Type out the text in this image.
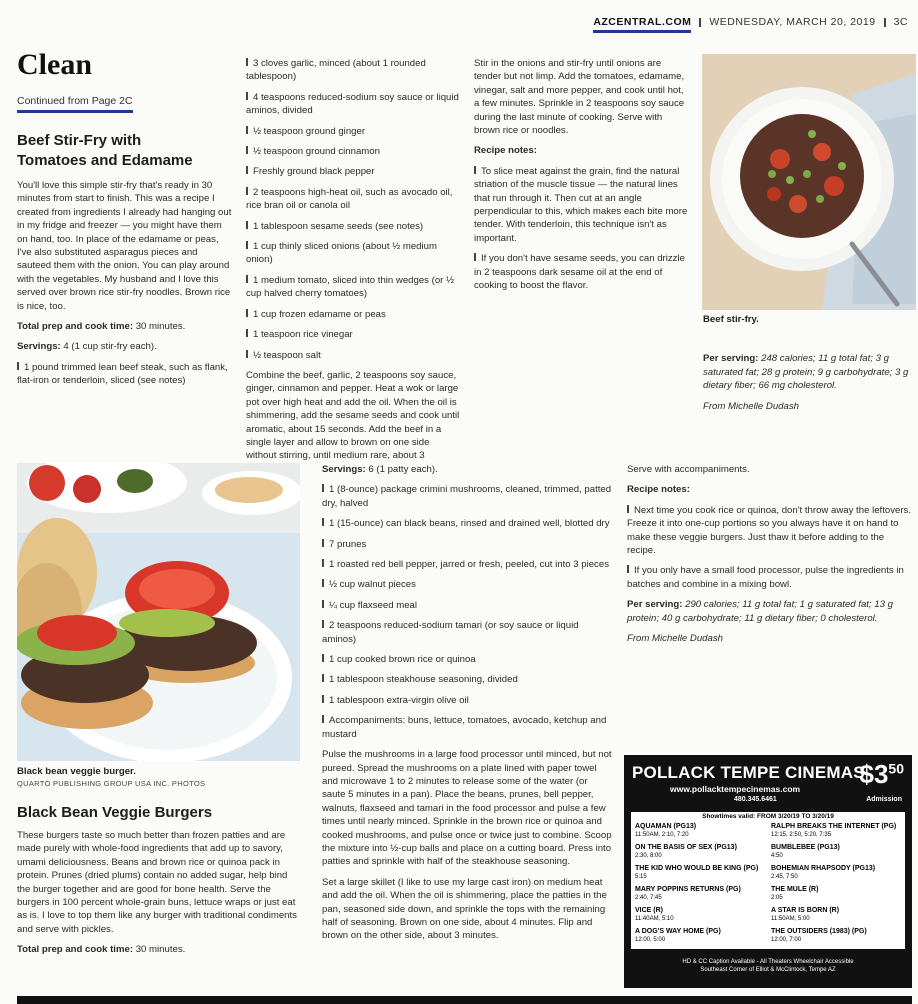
AZCENTRAL.COM WEDNESDAY, MARCH 20, 2019 3C
Clean
Continued from Page 2C
Beef Stir-Fry with
Tomatoes and Edamame

You'll love this simple stir-fry that's ready in 30 minutes from start to finish. This was a recipe I created from ingredients I already had hanging out in my fridge and freezer — you might have them on hand, too. In place of the edamame or peas, I've also substituted asparagus pieces and sauteed them with the onion. You can play around with the vegetables. My husband and I love this served over brown rice stir-fry noodles. Brown rice is nice, too.

Total prep and cook time: 30 minutes.

Servings: 4 (1 cup stir-fry each).

1 pound trimmed lean beef steak, such as flank, flat-iron or tenderloin, sliced (see notes)

3 cloves garlic, minced (about 1 rounded tablespoon)

4 teaspoons reduced-sodium soy sauce or liquid aminos, divided

½ teaspoon ground ginger

½ teaspoon ground cinnamon

Freshly ground black pepper

2 teaspoons high-heat oil, such as avocado oil, rice bran oil or canola oil

1 tablespoon sesame seeds (see notes)

1 cup thinly sliced onions (about ½ medium onion)

1 medium tomato, sliced into thin wedges (or ½ cup halved cherry tomatoes)

1 cup frozen edamame or peas

1 teaspoon rice vinegar

½ teaspoon salt

Combine the beef, garlic, 2 teaspoons soy sauce, ginger, cinnamon and pepper. Heat a wok or large pot over high heat and add the oil. When the oil is shimmering, add the sesame seeds and cook until aromatic, about 15 seconds. Add the beef in a single layer and allow to brown on one side without stirring, until medium rare, about 3

Stir in the onions and stir-fry until onions are tender but not limp. Add the tomatoes, edamame, vinegar, salt and more pepper, and cook until hot, a few minutes. Sprinkle in 2 teaspoons soy sauce during the last minute of cooking. Serve with brown rice or noodles.

Recipe notes:

To slice meat against the grain, find the natural striation of the muscle tissue — the natural lines that run through it. Then cut at an angle perpendicular to this, which makes each bite more tender. With tenderloin, this technique isn't as important.

If you don't have sesame seeds, you can drizzle in 2 teaspoons dark sesame oil at the end of cooking to boost the flavor.

Beef stir-fry.

Per serving: 248 calories; 11 g total fat; 3 g saturated fat; 28 g protein; 9 g carbohydrate; 3 g dietary fiber; 66 mg cholesterol.

From Michelle Dudash

Black bean veggie burger.
QUARTO PUBLISHING GROUP USA INC. PHOTOS
Black Bean Veggie Burgers

These burgers taste so much better than frozen patties and are made purely with whole-food ingredients that add up to savory, umami deliciousness. Beans and brown rice or quinoa pack in protein. Prunes (dried plums) contain no added sugar, help bind the burger together and are good for bone health. Serve the burgers in 100 percent whole-grain buns, lettuce wraps or just eat as is. I love to top them like any burger with traditional condiments and serve with pickles.

Total prep and cook time: 30 minutes.

Servings: 6 (1 patty each).

1 (8-ounce) package crimini mushrooms, cleaned, trimmed, patted dry, halved

1 (15-ounce) can black beans, rinsed and drained well, blotted dry

7 prunes

1 roasted red bell pepper, jarred or fresh, peeled, cut into 3 pieces

½ cup walnut pieces

¼ cup flaxseed meal

2 teaspoons reduced-sodium tamari (or soy sauce or liquid aminos)

1 cup cooked brown rice or quinoa

1 tablespoon steakhouse seasoning, divided

1 tablespoon extra-virgin olive oil

Accompaniments: buns, lettuce, tomatoes, avocado, ketchup and mustard

Pulse the mushrooms in a large food processor until minced, but not pureed. Spread the mushrooms on a plate lined with paper towel and microwave 1 to 2 minutes to release some of the water (or saute 5 minutes in a pan). Place the beans, prunes, bell pepper, walnuts, flaxseed and tamari in the food processor and pulse a few times until nearly minced. Sprinkle in the brown rice or quinoa and cooked mushrooms, and pulse once or twice just to combine. Scoop the mixture into ½-cup balls and place on a cutting board. Press into patties and sprinkle with half of the steakhouse seasoning.

Set a large skillet (I like to use my large cast iron) on medium heat and add the oil. When the oil is shimmering, place the patties in the pan, seasoned side down, and sprinkle the tops with the remaining half of seasoning. Brown on one side, about 4 minutes. Flip and brown on the other side, about 3 minutes.

Serve with accompaniments.

Recipe notes:

Next time you cook rice or quinoa, don't throw away the leftovers. Freeze it into one-cup portions so you always have it on hand to make these veggie burgers. Just thaw it before adding to the recipe.

If you only have a small food processor, pulse the ingredients in batches and combine in a mixing bowl.

Per serving: 290 calories; 11 g total fat; 1 g saturated fat; 13 g protein; 40 g carbohydrate; 11 g dietary fiber; 0 cholesterol.

From Michelle Dudash

POLLACK TEMPE CINEMAS
$\$3^{50}$
www.pollacktempecinemas.com
480.345.6461	Admission
Showtimes valid: FROM 3/20/19 TO 3/20/19
AQUAMAN (PG13)
11:50AM, 2:10, 7:20
RALPH BREAKS THE INTERNET (PG)
12:15, 2:50, 5:20, 7:35
ON THE BASIS OF SEX (PG13)
2:30, 8:00
BUMBLEBEE (PG13)
4:50
THE KID WHO WOULD BE KING (PG)
5:15
BOHEMIAN RHAPSODY (PG13)
2:45, 7:50
MARY POPPINS RETURNS (PG)
2:40, 7:45
THE MULE (R)
2:05
VICE (R)
11:40AM, 5:10
A STAR IS BORN (R)
11:50AM, 5:00
A DOG'S WAY HOME (PG)
12:00, 5:00
THE OUTSIDERS (1983) (PG)
12:00, 7:00
HD & CC Caption Available - All Theaters Wheelchair Accessible
Southeast Corner of Elliot & McClintock, Tempe AZ
